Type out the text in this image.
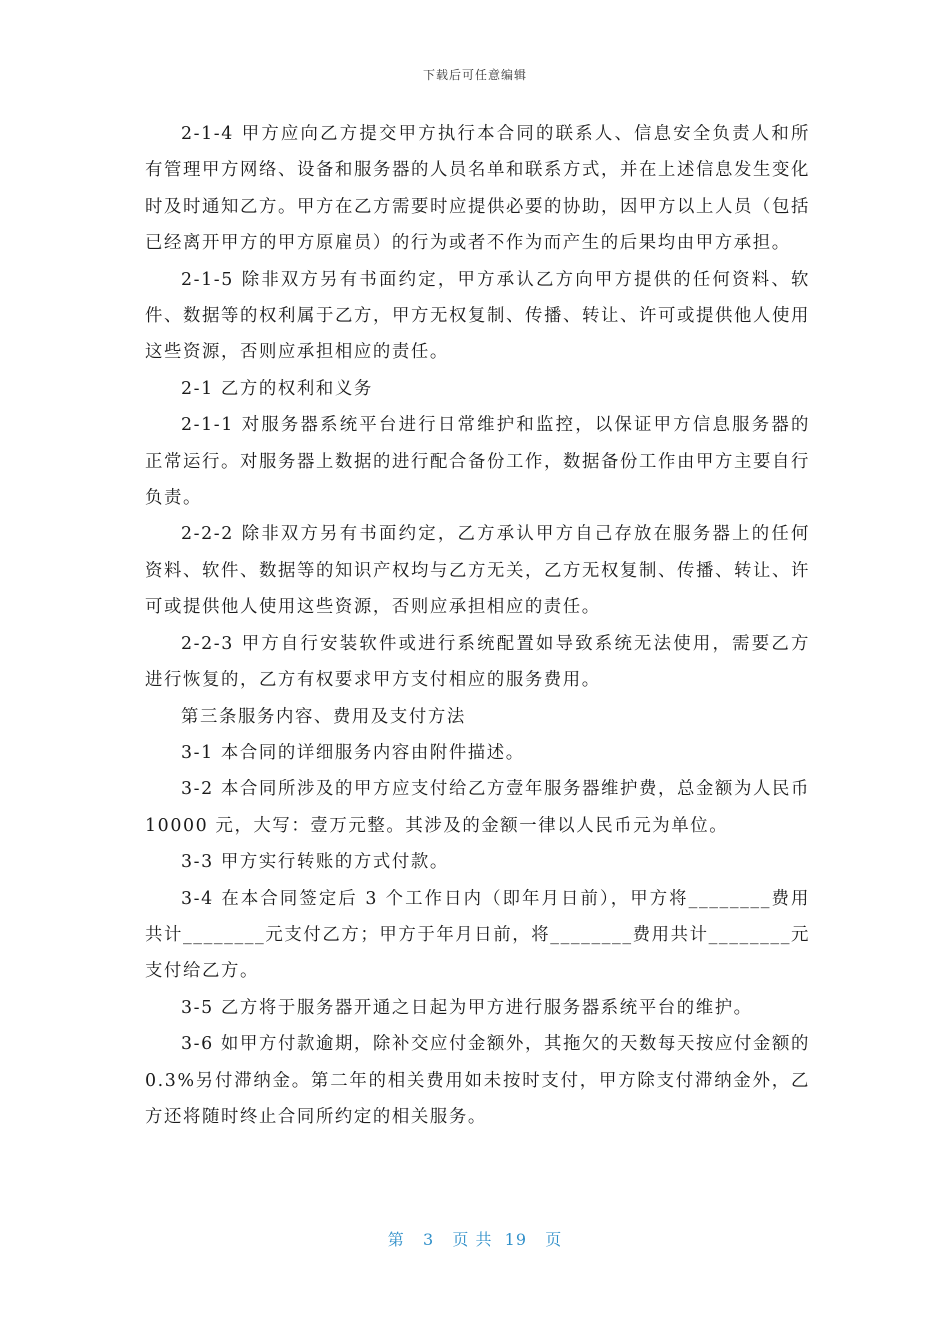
下载后可任意编辑

2-1-4 甲方应向乙方提交甲方执行本合同的联系人、信息安全负责人和所有管理甲方网络、设备和服务器的人员名单和联系方式，并在上述信息发生变化时及时通知乙方。甲方在乙方需要时应提供必要的协助，因甲方以上人员（包括已经离开甲方的甲方原雇员）的行为或者不作为而产生的后果均由甲方承担。

2-1-5 除非双方另有书面约定，甲方承认乙方向甲方提供的任何资料、软件、数据等的权利属于乙方，甲方无权复制、传播、转让、许可或提供他人使用这些资源，否则应承担相应的责任。

2-1 乙方的权利和义务

2-1-1 对服务器系统平台进行日常维护和监控，以保证甲方信息服务器的正常运行。对服务器上数据的进行配合备份工作，数据备份工作由甲方主要自行负责。

2-2-2 除非双方另有书面约定，乙方承认甲方自己存放在服务器上的任何资料、软件、数据等的知识产权均与乙方无关，乙方无权复制、传播、转让、许可或提供他人使用这些资源，否则应承担相应的责任。

2-2-3 甲方自行安装软件或进行系统配置如导致系统无法使用，需要乙方进行恢复的，乙方有权要求甲方支付相应的服务费用。

第三条服务内容、费用及支付方法

3-1 本合同的详细服务内容由附件描述。

3-2 本合同所涉及的甲方应支付给乙方壹年服务器维护费，总金额为人民币 10000 元，大写：壹万元整。其涉及的金额一律以人民币元为单位。

3-3 甲方实行转账的方式付款。

3-4 在本合同签定后 3 个工作日内（即年月日前），甲方将________费用共计________元支付乙方；甲方于年月日前，将________费用共计________元支付给乙方。

3-5 乙方将于服务器开通之日起为甲方进行服务器系统平台的维护。

3-6 如甲方付款逾期，除补交应付金额外，其拖欠的天数每天按应付金额的 0.3%另付滞纳金。第二年的相关费用如未按时支付，甲方除支付滞纳金外，乙方还将随时终止合同所约定的相关服务。

第   3   页 共  19   页
